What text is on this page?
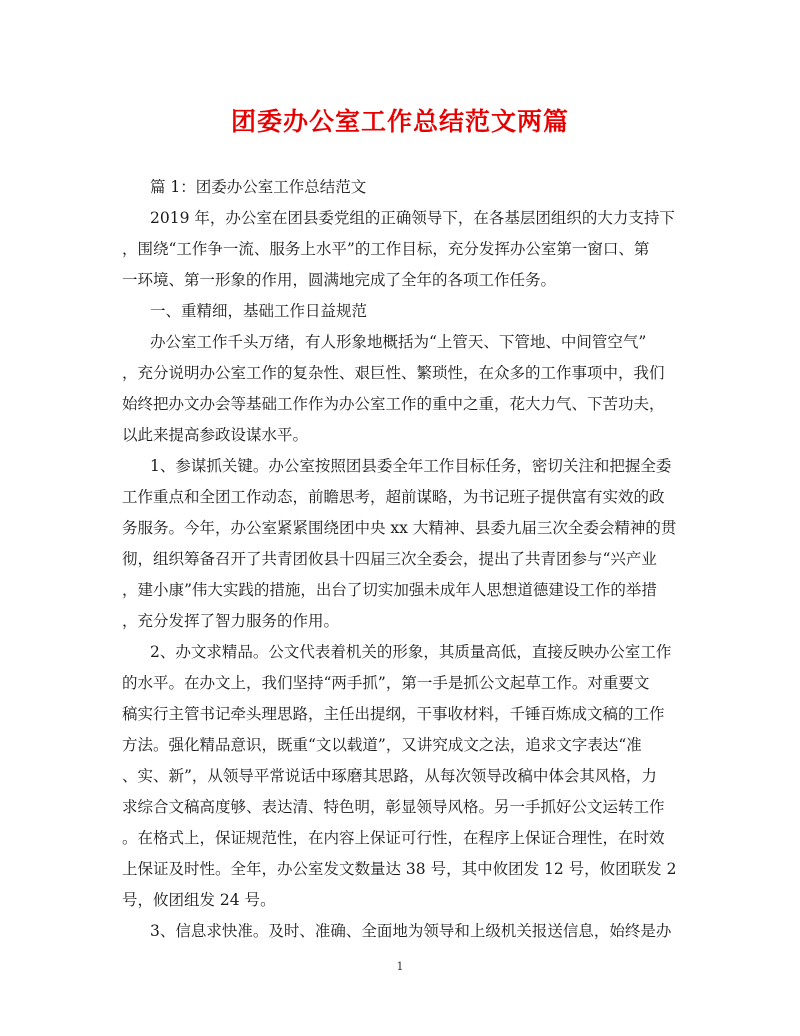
团委办公室工作总结范文两篇
篇 1：团委办公室工作总结范文
2019 年，办公室在团县委党组的正确领导下，在各基层团组织的大力支持下
，围绕“工作争一流、服务上水平”的工作目标，充分发挥办公室第一窗口、第
一环境、第一形象的作用，圆满地完成了全年的各项工作任务。
一、重精细，基础工作日益规范
办公室工作千头万绪，有人形象地概括为“上管天、下管地、中间管空气”
，充分说明办公室工作的复杂性、艰巨性、繁琐性，在众多的工作事项中，我们
始终把办文办会等基础工作作为办公室工作的重中之重，花大力气、下苦功夫，
以此来提高参政设谋水平。
1、参谋抓关键。办公室按照团县委全年工作目标任务，密切关注和把握全委
工作重点和全团工作动态，前瞻思考，超前谋略，为书记班子提供富有实效的政
务服务。今年，办公室紧紧围绕团中央 xx 大精神、县委九届三次全委会精神的贯
彻，组织筹备召开了共青团攸县十四届三次全委会，提出了共青团参与“兴产业
，建小康”伟大实践的措施，出台了切实加强未成年人思想道德建设工作的举措
，充分发挥了智力服务的作用。
2、办文求精品。公文代表着机关的形象，其质量高低，直接反映办公室工作
的水平。在办文上，我们坚持“两手抓”，第一手是抓公文起草工作。对重要文
稿实行主管书记牵头理思路，主任出提纲，干事收材料，千锤百炼成文稿的工作
方法。强化精品意识，既重“文以载道”，又讲究成文之法，追求文字表达“准
、实、新”，从领导平常说话中琢磨其思路，从每次领导改稿中体会其风格，力
求综合文稿高度够、表达清、特色明，彰显领导风格。另一手抓好公文运转工作
。在格式上，保证规范性，在内容上保证可行性，在程序上保证合理性，在时效
上保证及时性。全年，办公室发文数量达 38 号，其中攸团发 12 号，攸团联发 2
号，攸团组发 24 号。
3、信息求快准。及时、准确、全面地为领导和上级机关报送信息，始终是办
1
